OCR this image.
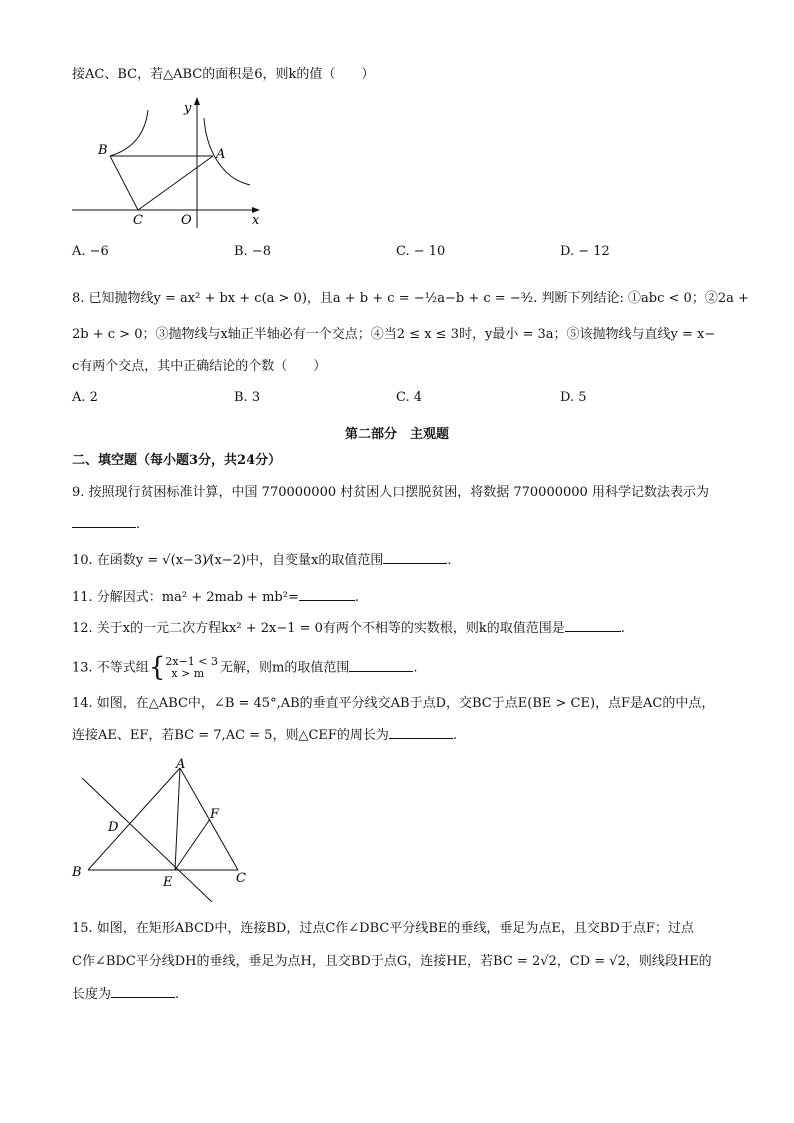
接AC、BC，若△ABC的面积是6，则k的值（　　）
B	A
C	O	x
y
A. −6	B. −8	C. − 10	D. − 12
8. 已知抛物线y = ax² + bx + c(a > 0)，且a + b + c = −½a−b + c = −³⁄₂. 判断下列结论: ①abc < 0；②2a +
2b + c > 0；③抛物线与x轴正半轴必有一个交点；④当2 ≤ x ≤ 3时，y最小 = 3a；⑤该抛物线与直线y = x−
c有两个交点，其中正确结论的个数（　　）
A. 2	B. 3	C. 4	D. 5
第二部分　主观题
二、填空题（每小题3分，共24分）
9. 按照现行贫困标准计算，中国 770000000 村贫困人口摆脱贫困，将数据 770000000 用科学记数法表示为
.
10. 在函数y = √(x−3)⁄(x−2)中，自变量x的取值范围	.
11. 分解因式：ma² + 2mab + mb²=	.
12. 关于x的一元二次方程kx² + 2x−1 = 0有两个不相等的实数根，则k的取值范围是	.
13. 不等式组{ 2x−1 < 3
x > m	无解，则m的取值范围	.
14. 如图，在△ABC中，∠B = 45°,AB的垂直平分线交AB于点D，交BC于点E(BE > CE)，点F是AC的中点，
连接AE、EF，若BC = 7,AC = 5，则△CEF的周长为	.
A
D
F
B
E	C
15. 如图，在矩形ABCD中，连接BD，过点C作∠DBC平分线BE的垂线，垂足为点E，且交BD于点F；过点
C作∠BDC平分线DH的垂线，垂足为点H，且交BD于点G，连接HE，若BC = 2√2，CD = √2，则线段HE的
长度为	.
